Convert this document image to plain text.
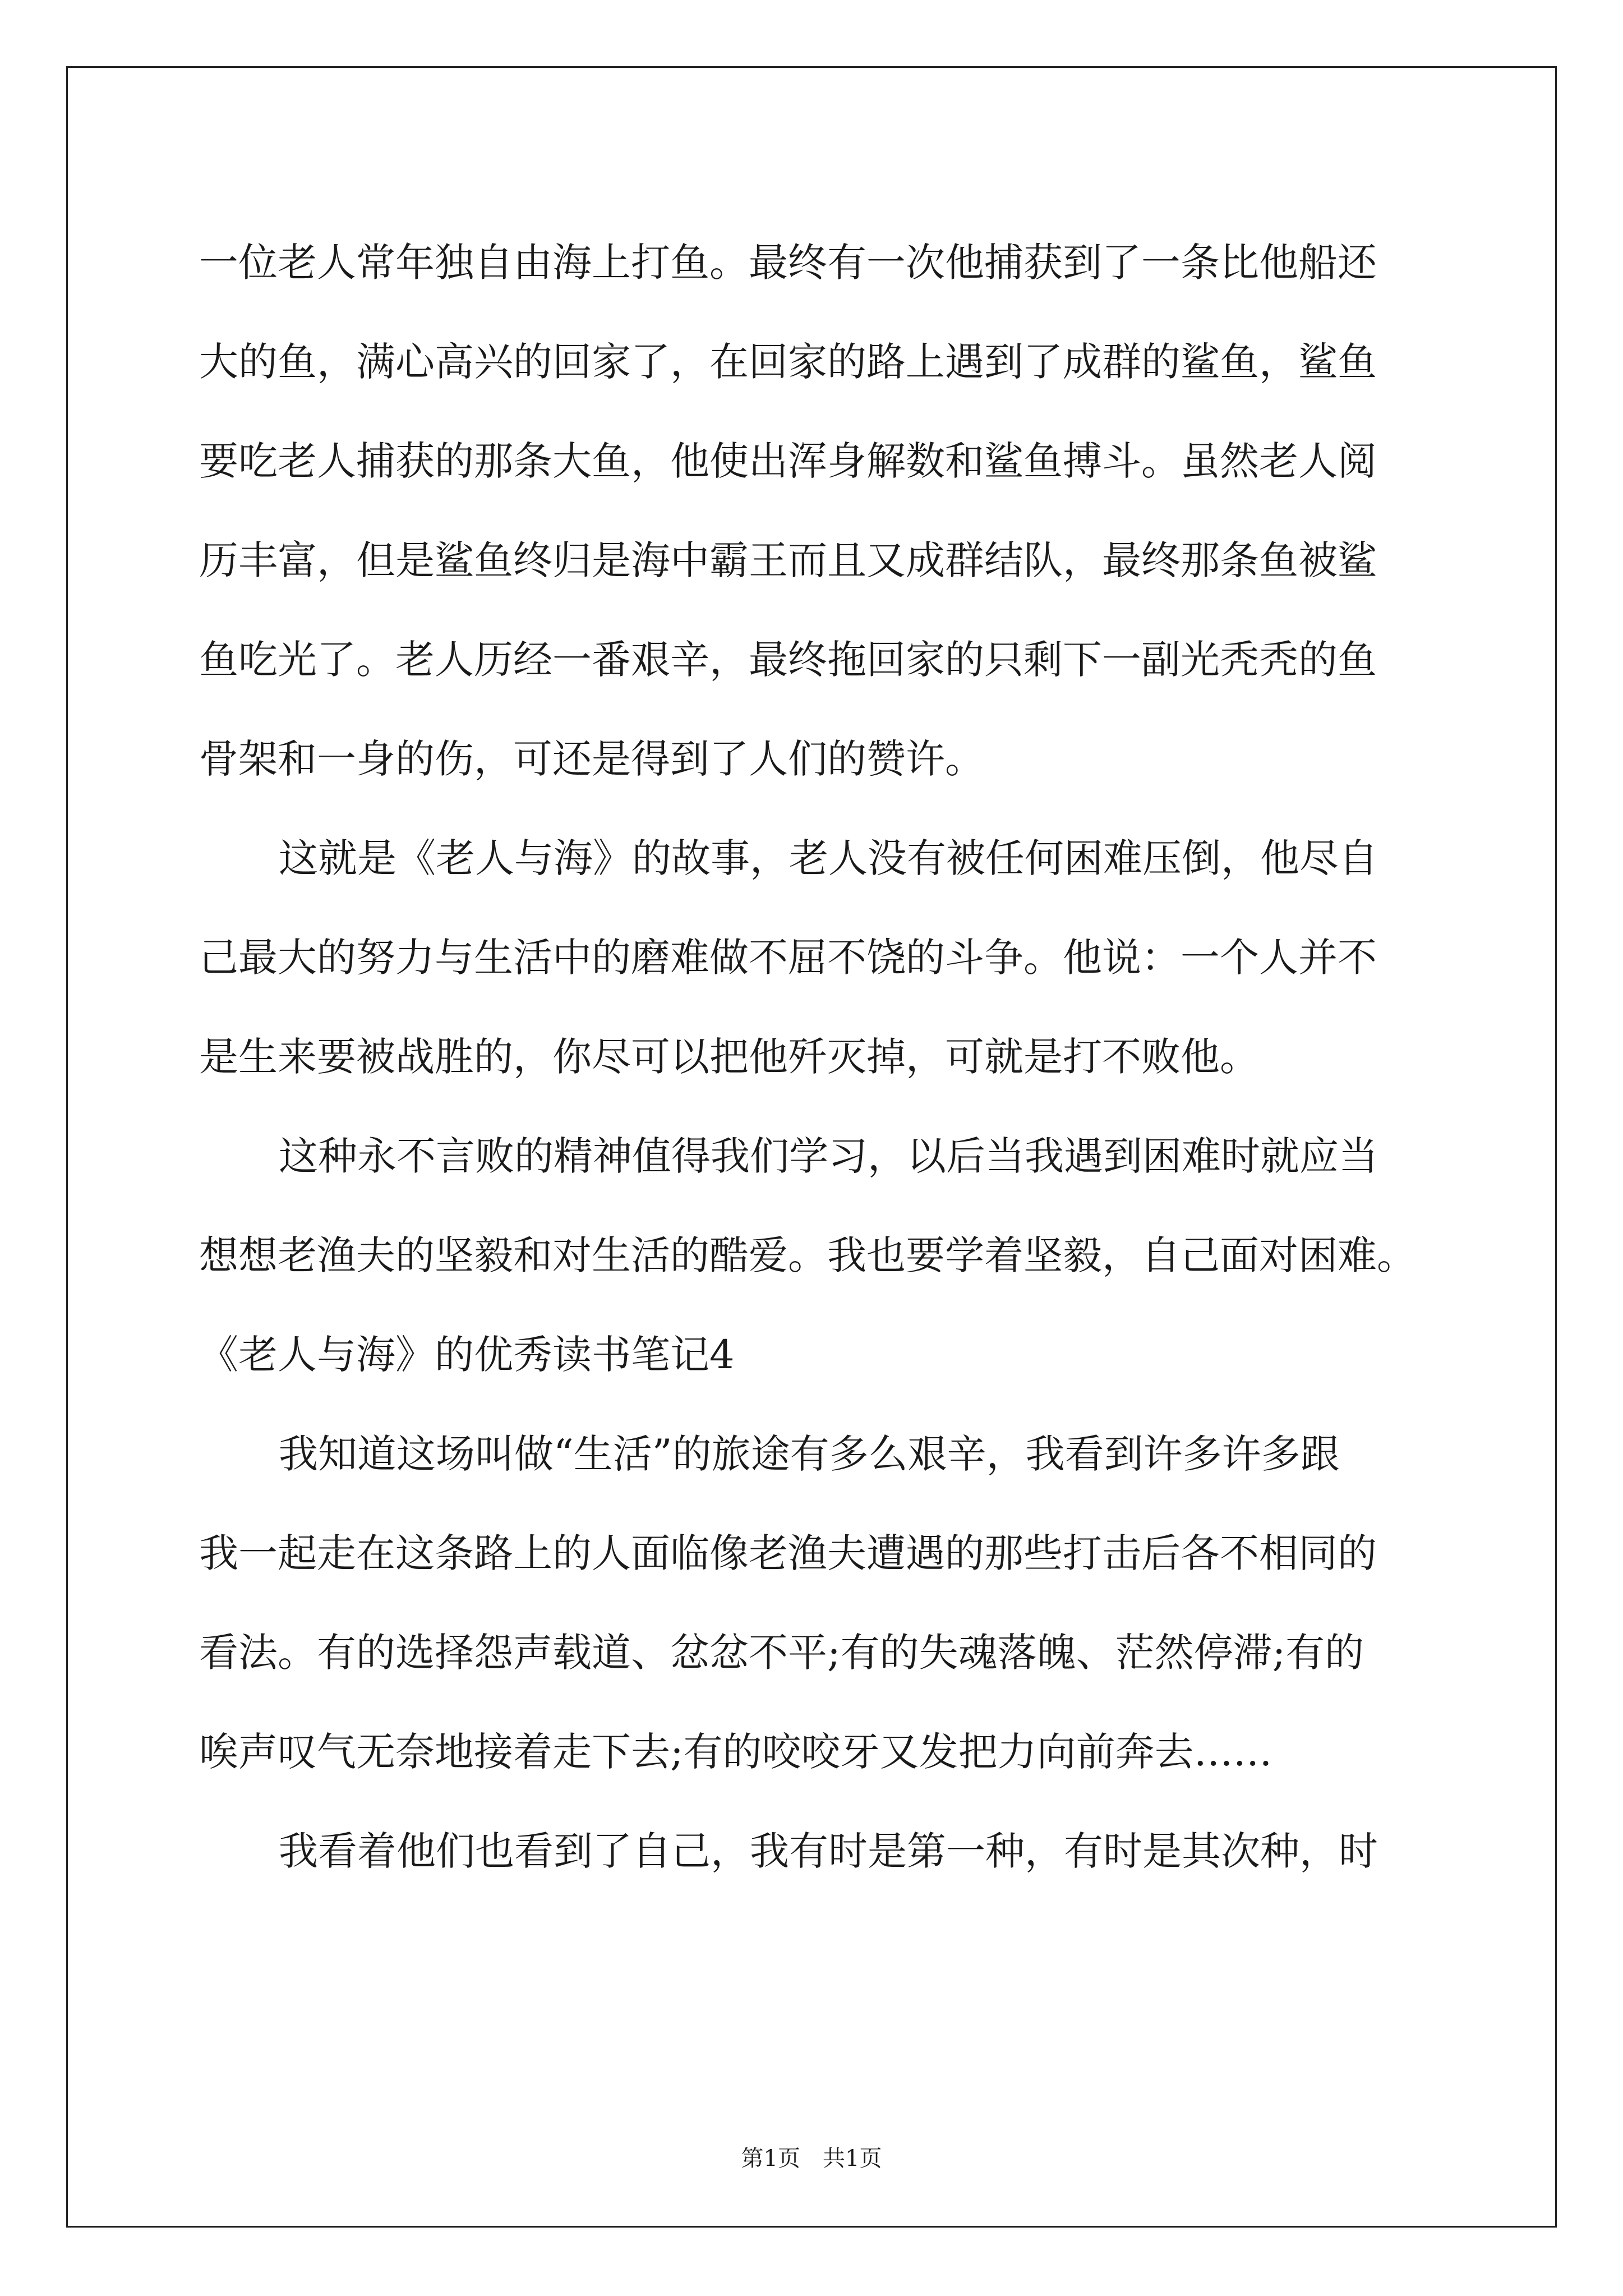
一位老人常年独自由海上打鱼。最终有一次他捕获到了一条比他船还
大的鱼，满心高兴的回家了，在回家的路上遇到了成群的鲨鱼，鲨鱼
要吃老人捕获的那条大鱼，他使出浑身解数和鲨鱼搏斗。虽然老人阅
历丰富，但是鲨鱼终归是海中霸王而且又成群结队，最终那条鱼被鲨
鱼吃光了。老人历经一番艰辛，最终拖回家的只剩下一副光秃秃的鱼
骨架和一身的伤，可还是得到了人们的赞许。
这就是《老人与海》的故事，老人没有被任何困难压倒，他尽自
己最大的努力与生活中的磨难做不屈不饶的斗争。他说：一个人并不
是生来要被战胜的，你尽可以把他歼灭掉，可就是打不败他。
这种永不言败的精神值得我们学习，以后当我遇到困难时就应当
想想老渔夫的坚毅和对生活的酷爱。我也要学着坚毅，自己面对困难。
《老人与海》的优秀读书笔记4
我知道这场叫做“生活”的旅途有多么艰辛，我看到许多许多跟
我一起走在这条路上的人面临像老渔夫遭遇的那些打击后各不相同的
看法。有的选择怨声载道、忿忿不平;有的失魂落魄、茫然停滞;有的
唉声叹气无奈地接着走下去;有的咬咬牙又发把力向前奔去……
我看着他们也看到了自己，我有时是第一种，有时是其次种，时
第1页　共1页
